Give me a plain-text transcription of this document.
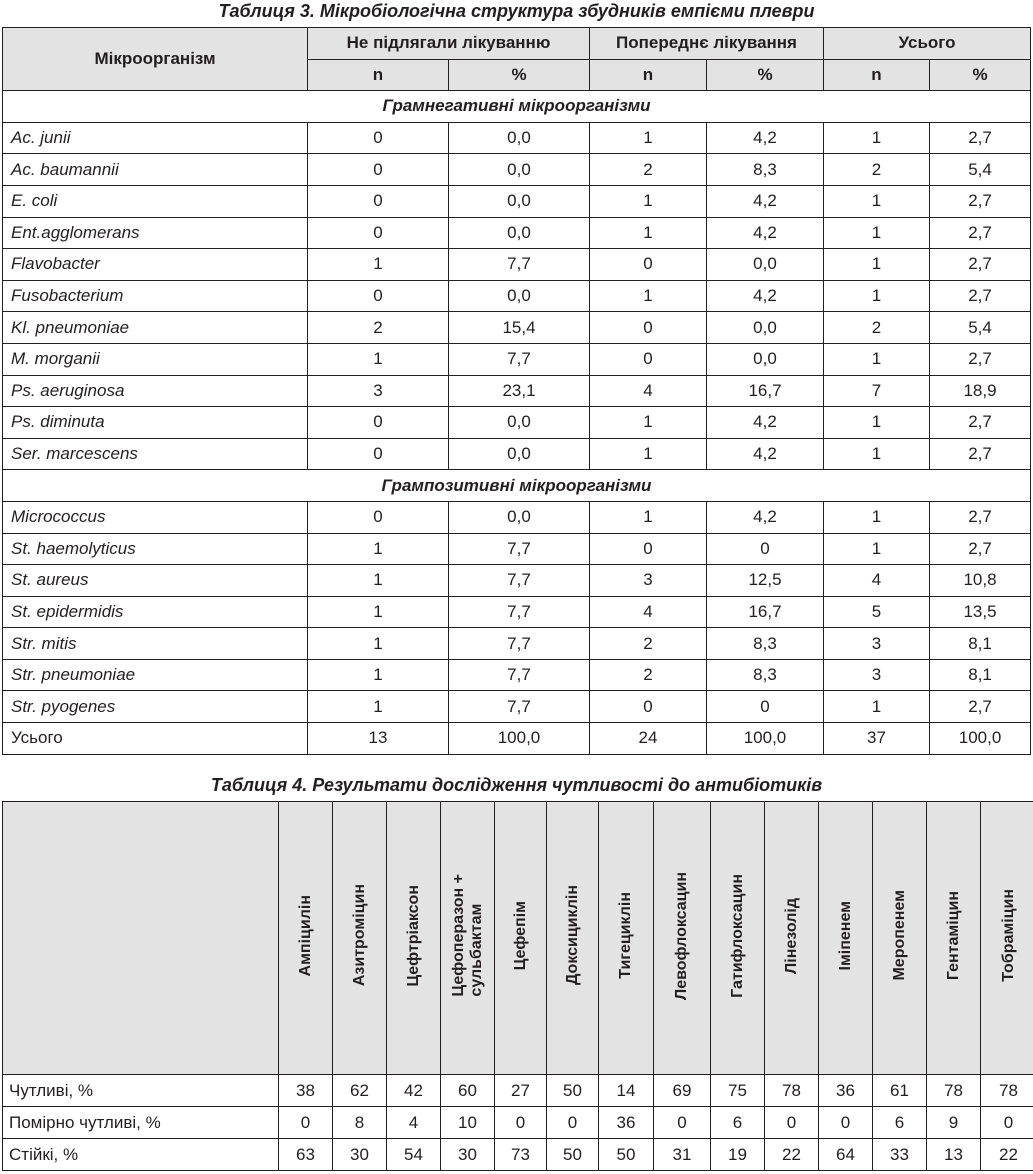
Таблиця 3. Мікробіологічна структура збудників емпієми плеври
Мікроорганізм	Не підлягали лікуванню		Попереднє лікування		Усього	
	n	%	n	%	n	%
Грамнегативні мікроорганізми						
Ac. junii	0	0,0	1	4,2	1	2,7
Ac. baumannii	0	0,0	2	8,3	2	5,4
E. coli	0	0,0	1	4,2	1	2,7
Ent.agglomerans	0	0,0	1	4,2	1	2,7
Flavobacter	1	7,7	0	0,0	1	2,7
Fusobacterium	0	0,0	1	4,2	1	2,7
Kl. pneumoniae	2	15,4	0	0,0	2	5,4
M. morganii	1	7,7	0	0,0	1	2,7
Ps. aeruginosa	3	23,1	4	16,7	7	18,9
Ps. diminuta	0	0,0	1	4,2	1	2,7
Ser. marcescens	0	0,0	1	4,2	1	2,7
Грампозитивні мікроорганізми						
Micrococcus	0	0,0	1	4,2	1	2,7
St. haemolyticus	1	7,7	0	0	1	2,7
St. aureus	1	7,7	3	12,5	4	10,8
St. epidermidis	1	7,7	4	16,7	5	13,5
Str. mitis	1	7,7	2	8,3	3	8,1
Str. pneumoniae	1	7,7	2	8,3	3	8,1
Str. pyogenes	1	7,7	0	0	1	2,7
Усього	13	100,0	24	100,0	37	100,0
Таблиця 4. Результати дослідження чутливості до антибіотиків

	Ампіцилін	Азитроміцин	Цефтріаксон	Цефоперазон + сульбактам	Цефепім	Доксициклін	Тигециклін	Левофлоксацин	Гатифлоксацин	Лінезолід	Іміпенем	Меропенем	Гентаміцин	Тобраміцин

Чутливі, %	38	62	42	60	27	50	14	69	75	78	36	61	78	78
Помірно чутливі, %	0	8	4	10	0	0	36	0	6	0	0	6	9	0
Стійкі, %	63	30	54	30	73	50	50	31	19	22	64	33	13	22
